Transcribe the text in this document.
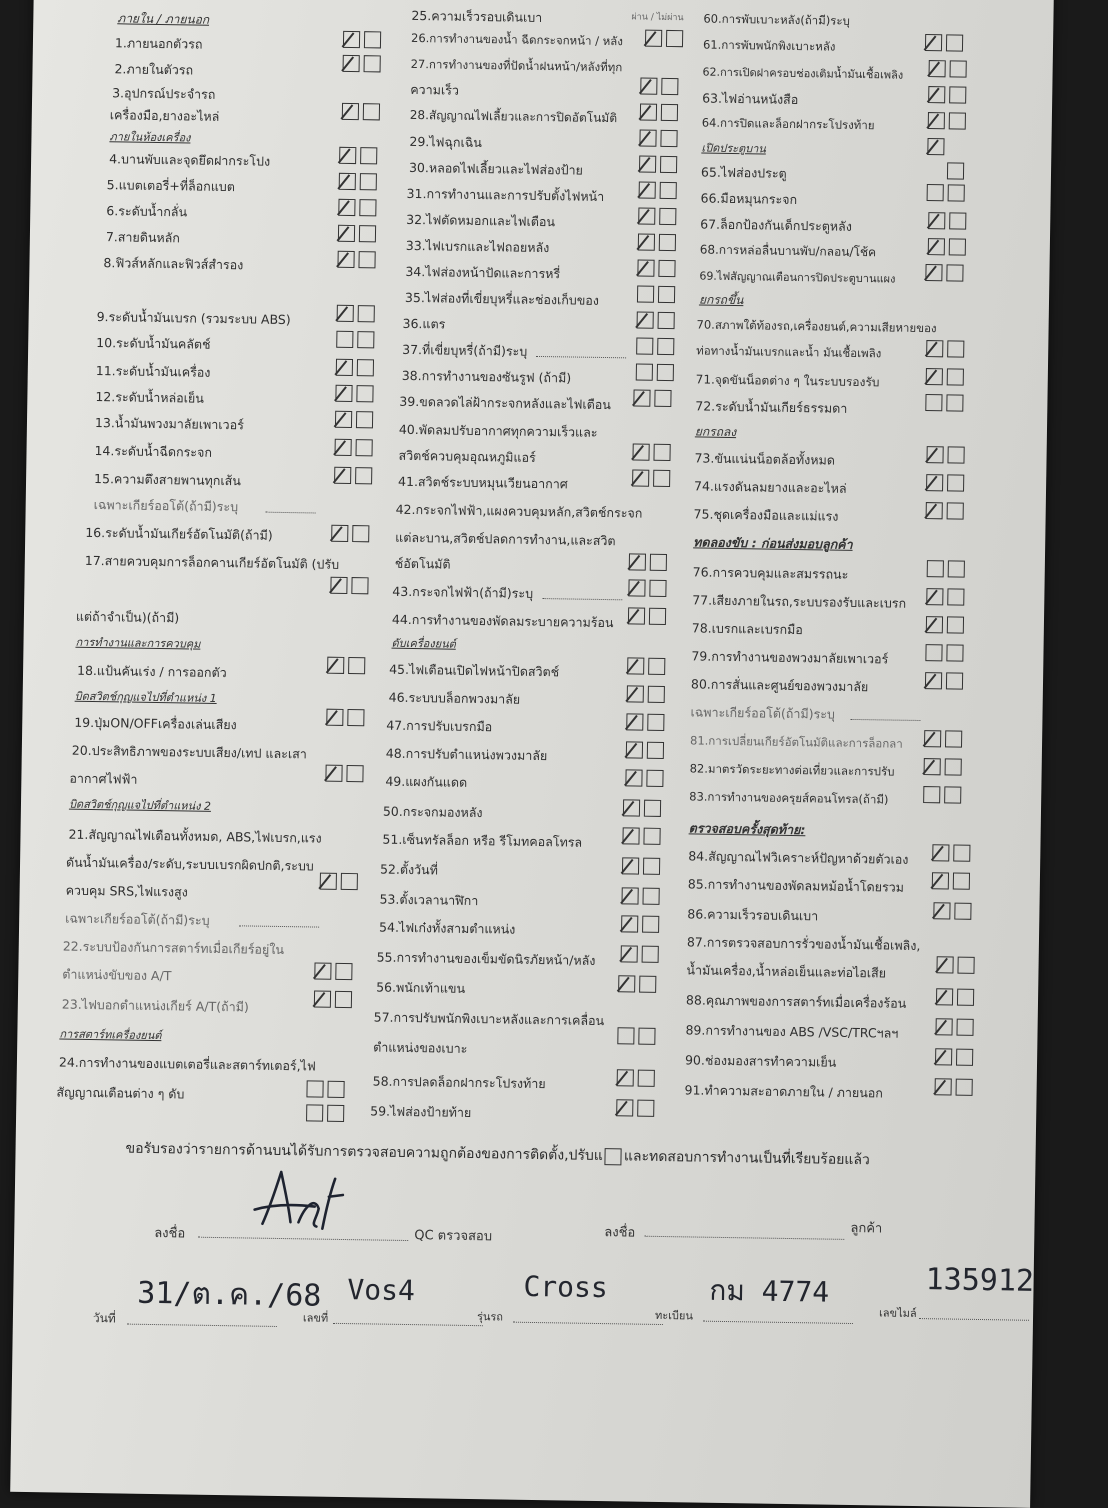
ภายใน / ภายนอก
1.ภายนอกตัวรถ
2.ภายในตัวรถ
3.อุปกรณ์ประจำรถ
เครื่องมือ,ยางอะไหล่
ภายในห้องเครื่อง
4.บานพับและจุดยึดฝากระโปง
5.แบตเตอรี่+ที่ล็อกแบต
6.ระดับน้ำกลั่น
7.สายดินหลัก
8.ฟิวส์หลักและฟิวส์สำรอง
9.ระดับน้ำมันเบรก (รวมระบบ ABS)
10.ระดับน้ำมันคลัตช์
11.ระดับน้ำมันเครื่อง
12.ระดับน้ำหล่อเย็น
13.น้ำมันพวงมาลัยเพาเวอร์
14.ระดับน้ำฉีดกระจก
15.ความตึงสายพานทุกเส้น
เฉพาะเกียร์ออโต้(ถ้ามี)ระบุ
16.ระดับน้ำมันเกียร์อัตโนมัติ(ถ้ามี)
17.สายควบคุมการล็อกคานเกียร์อัตโนมัติ (ปรับ
แต่ถ้าจำเป็น)(ถ้ามี)
การทำงานและการควบคุม
18.แป้นคันเร่ง / การออกตัว
บิดสวิตช์กุญแจไปที่ตำแหน่ง 1
19.ปุ่มON/OFFเครื่องเล่นเสียง
20.ประสิทธิภาพของระบบเสียง/เทป และเสา
อากาศไฟฟ้า
บิดสวิตช์กุญแจไปที่ตำแหน่ง 2
21.สัญญาณไฟเตือนทั้งหมด, ABS,ไฟเบรก,แรง
ดันน้ำมันเครื่อง/ระดับ,ระบบเบรกผิดปกติ,ระบบ
ควบคุม SRS,ไฟแรงสูง
เฉพาะเกียร์ออโต้(ถ้ามี)ระบุ
22.ระบบป้องกันการสตาร์ทเมื่อเกียร์อยู่ใน
ตำแหน่งขับของ A/T
23.ไฟบอกตำแหน่งเกียร์ A/T(ถ้ามี)
การสตาร์ทเครื่องยนต์
24.การทำงานของแบตเตอรี่และสตาร์ทเตอร์,ไฟ
สัญญาณเตือนต่าง ๆ ดับ
25.ความเร็วรอบเดินเบา	ผ่าน / ไม่ผ่าน
26.การทำงานของน้ำ ฉีดกระจกหน้า / หลัง
27.การทำงานของที่ปัดน้ำฝนหน้า/หลังที่ทุก
ความเร็ว
28.สัญญาณไฟเลี้ยวและการปิดอัตโนมัติ
29.ไฟฉุกเฉิน
30.หลอดไฟเลี้ยวและไฟส่องป้าย
31.การทำงานและการปรับตั้งไฟหน้า
32.ไฟตัดหมอกและไฟเตือน
33.ไฟเบรกและไฟถอยหลัง
34.ไฟส่องหน้าปัดและการหรี่
35.ไฟส่องที่เขี่ยบุหรี่และช่องเก็บของ
36.แตร
37.ที่เขี่ยบุหรี่(ถ้ามี)ระบุ
38.การทำงานของซันรูฟ (ถ้ามี)
39.ขดลวดไล่ฝ้ากระจกหลังและไฟเตือน
40.พัดลมปรับอากาศทุกความเร็วและ
สวิตช์ควบคุมอุณหภูมิแอร์
41.สวิตช์ระบบหมุนเวียนอากาศ
42.กระจกไฟฟ้า,แผงควบคุมหลัก,สวิตช์กระจก
แต่ละบาน,สวิตช์ปลดการทำงาน,และสวิต
ช์อัตโนมัติ
43.กระจกไฟฟ้า(ถ้ามี)ระบุ
44.การทำงานของพัดลมระบายความร้อน
ดับเครื่องยนต์
45.ไฟเตือนเปิดไฟหน้าปิดสวิตช์
46.ระบบบล็อกพวงมาลัย
47.การปรับเบรกมือ
48.การปรับตำแหน่งพวงมาลัย
49.แผงกันแดด
50.กระจกมองหลัง
51.เซ็นทรัลล็อก หรือ รีโมทคอลโทรล
52.ตั้งวันที่
53.ตั้งเวลานาฬิกา
54.ไฟเก๋งทั้งสามตำแหน่ง
55.การทำงานของเข็มขัดนิรภัยหน้า/หลัง
56.พนักเท้าแขน
57.การปรับพนักพิงเบาะหลังและการเคลื่อน
ตำแหน่งของเบาะ
58.การปลดล็อกฝากระโปรงท้าย
59.ไฟส่องป้ายท้าย
60.การพับเบาะหลัง(ถ้ามี)ระบุ
61.การพับพนักพิงเบาะหลัง
62.การเปิดฝาครอบช่องเติมน้ำมันเชื้อเพลิง
63.ไฟอ่านหนังสือ
64.การปิดและล็อกฝากระโปรงท้าย
เปิดประตูบาน
65.ไฟส่องประตู
66.มือหมุนกระจก
67.ล็อกป้องกันเด็กประตูหลัง
68.การหล่อลื่นบานพับ/กลอน/โช้ค
69.ไฟสัญญาณเตือนการปิดประตูบานแผง
ยกรถขึ้น
70.สภาพใต้ท้องรถ,เครื่องยนต์,ความเสียหายของ
ท่อทางน้ำมันเบรกและน้ำ มันเชื้อเพลิง
71.จุดขันน็อตต่าง ๆ ในระบบรองรับ
72.ระดับน้ำมันเกียร์ธรรมดา
ยกรถลง
73.ขันแน่นน็อตล้อทั้งหมด
74.แรงดันลมยางและอะไหล่
75.ชุดเครื่องมือและแม่แรง
ทดลองขับ : ก่อนส่งมอบลูกค้า
76.การควบคุมและสมรรถนะ
77.เสียงภายในรถ,ระบบรองรับและเบรก
78.เบรกและเบรกมือ
79.การทำงานของพวงมาลัยเพาเวอร์
80.การสั่นและศูนย์ของพวงมาลัย
เฉพาะเกียร์ออโต้(ถ้ามี)ระบุ
81.การเปลี่ยนเกียร์อัตโนมัติและการล็อกลา
82.มาตรวัดระยะทางต่อเที่ยวและการปรับ
83.การทำงานของครุยส์คอนโทรล(ถ้ามี)
ตรวจสอบครั้งสุดท้าย:
84.สัญญาณไฟวิเคราะห์ปัญหาด้วยตัวเอง
85.การทำงานของพัดลมหม้อน้ำโดยรวม
86.ความเร็วรอบเดินเบา
87.การตรวจสอบการรั่วของน้ำมันเชื้อเพลิง,
น้ำมันเครื่อง,น้ำหล่อเย็นและท่อไอเสีย
88.คุณภาพของการสตาร์ทเมื่อเครื่องร้อน
89.การทำงานของ ABS /VSC/TRCฯลฯ
90.ช่องมองสารทำความเย็น
91.ทำความสะอาดภายใน / ภายนอก
ขอรับรองว่ารายการด้านบนได้รับการตรวจสอบความถูกต้องของการติดตั้ง,ปรับแ และทดสอบการทำงานเป็นที่เรียบร้อยแล้ว
ลงชื่อ	QC ตรวจสอบ	ลงชื่อ	ลูกค้า
วันที่
31/ต.ค./68
เลขที่
Vos4
รุ่นรถ
Cross
ทะเบียน
กม 4774
เลขไมล์
135912
